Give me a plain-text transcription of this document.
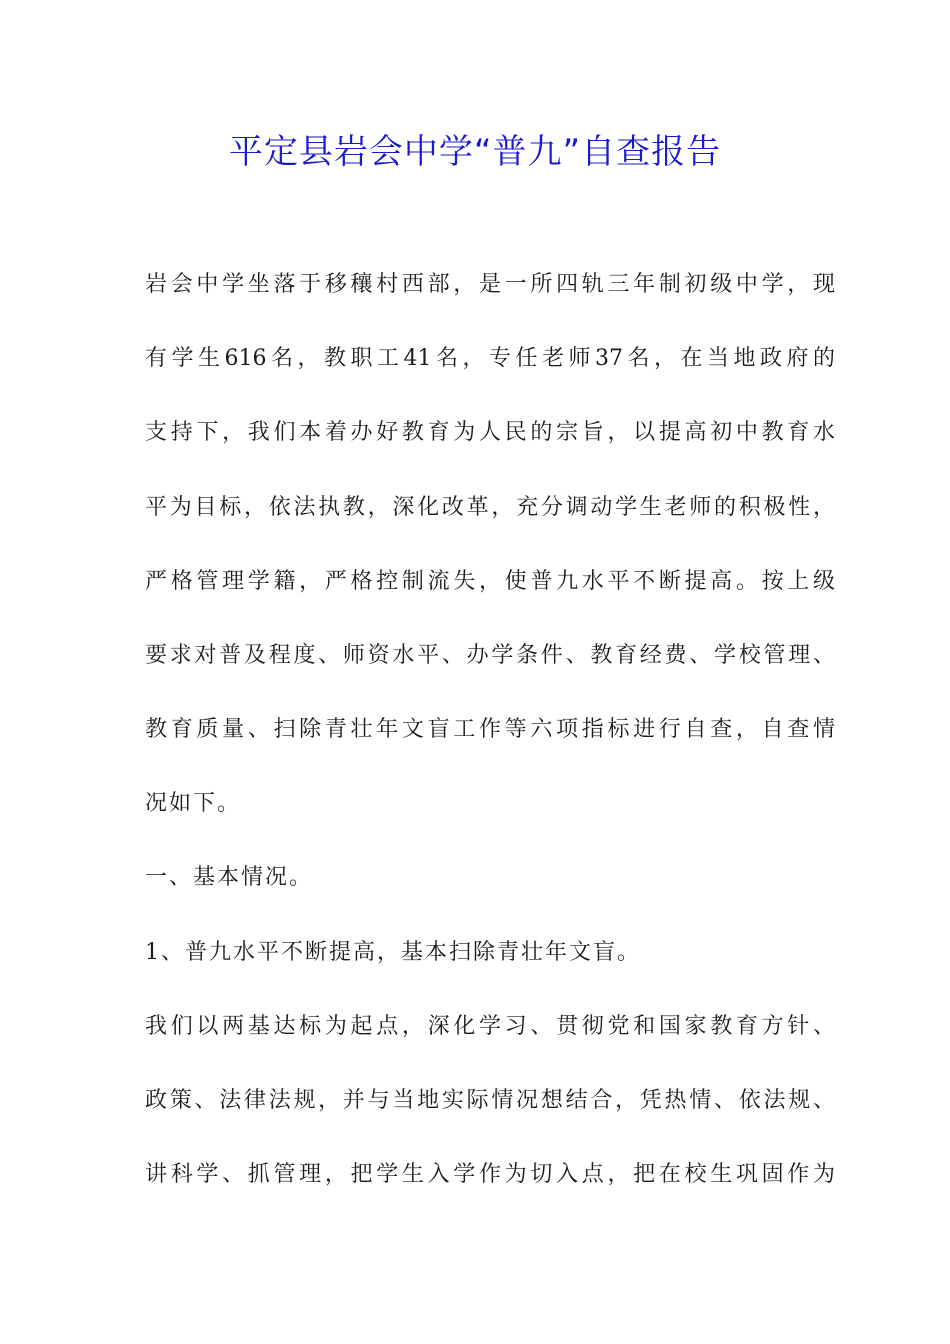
平定县岩会中学“普九”自查报告
岩会中学坐落于移穰村西部，是一所四轨三年制初级中学，现
有学生616名，教职工41名，专任老师37名，在当地政府的
支持下，我们本着办好教育为人民的宗旨，以提高初中教育水
平为目标，依法执教，深化改革，充分调动学生老师的积极性，
严格管理学籍，严格控制流失，使普九水平不断提高。按上级
要求对普及程度、师资水平、办学条件、教育经费、学校管理、
教育质量、扫除青壮年文盲工作等六项指标进行自查，自查情
况如下。
一、基本情况。
1、普九水平不断提高，基本扫除青壮年文盲。
我们以两基达标为起点，深化学习、贯彻党和国家教育方针、
政策、法律法规，并与当地实际情况想结合，凭热情、依法规、
讲科学、抓管理，把学生入学作为切入点，把在校生巩固作为
